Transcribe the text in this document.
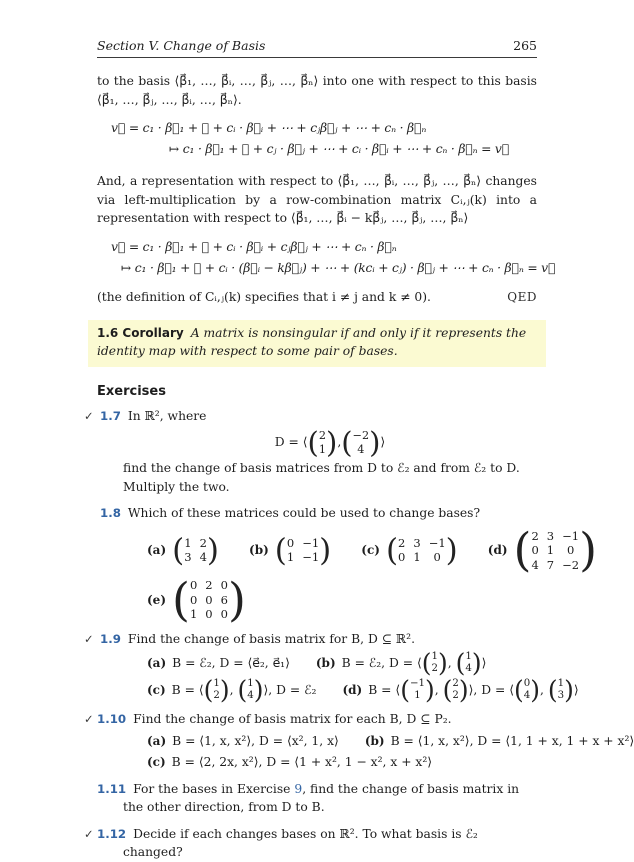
Section V. Change of Basis	265
to the basis ⟨β⃗₁, …, β⃗ᵢ, …, β⃗ⱼ, …, β⃗ₙ⟩ into one with respect to this basis ⟨β⃗₁, …, β⃗ⱼ, …, β⃗ᵢ, …, β⃗ₙ⟩.
v⃗ = c₁ · β⃗₁ + ⋯ + cᵢ · β⃗ᵢ + ⋯ + cⱼβ⃗ⱼ + ⋯ + cₙ · β⃗ₙ
↦ c₁ · β⃗₁ + ⋯ + cⱼ · β⃗ⱼ + ⋯ + cᵢ · β⃗ᵢ + ⋯ + cₙ · β⃗ₙ = v⃗
And, a representation with respect to ⟨β⃗₁, …, β⃗ᵢ, …, β⃗ⱼ, …, β⃗ₙ⟩ changes via left-multiplication by a row-combination matrix Cᵢ,ⱼ(k) into a representation with respect to ⟨β⃗₁, …, β⃗ᵢ − kβ⃗ⱼ, …, β⃗ⱼ, …, β⃗ₙ⟩
v⃗ = c₁ · β⃗₁ + ⋯ + cᵢ · β⃗ᵢ + cⱼβ⃗ⱼ + ⋯ + cₙ · β⃗ₙ
↦ c₁ · β⃗₁ + ⋯ + cᵢ · (β⃗ᵢ − kβ⃗ⱼ) + ⋯ + (kcᵢ + cⱼ) · β⃗ⱼ + ⋯ + cₙ · β⃗ₙ = v⃗
(the definition of Cᵢ,ⱼ(k) specifies that i ≠ j and k ≠ 0).	QED
1.6 Corollary A matrix is nonsingular if and only if it represents the identity map with respect to some pair of bases.
Exercises
✓ 1.7 In ℝ², where
D = ⟨ ( 2
1 ) , ( −2
4 ) ⟩
find the change of basis matrices from D to ℰ₂ and from ℰ₂ to D. Multiply the two.
1.8 Which of these matrices could be used to change bases?
(a) ( 1 2
3 4 )	(b) ( 0 −1
1 −1 )	(c) ( 2 3 −1
0 1	0 )	(d) ( 2 3 −1
0 1	0
4 7 −2 )
(e) ( 0 2 0
0 0 6
1 0 0 )
✓ 1.9 Find the change of basis matrix for B, D ⊆ ℝ².
(a) B = ℰ₂, D = ⟨e⃗₂, e⃗₁⟩ (b) B = ℰ₂, D = ⟨ ( 1
2 ) , ( 1
4 ) ⟩
(c) B = ⟨ ( 1
2 ) , ( 1
4 ) ⟩, D = ℰ₂ (d) B = ⟨ ( −1
1 ) , ( 2
2 ) ⟩, D = ⟨ ( 0
4 ) , ( 1
3 ) ⟩
✓ 1.10 Find the change of basis matrix for each B, D ⊆ P₂.
(a) B = ⟨1, x, x²⟩, D = ⟨x², 1, x⟩ (b) B = ⟨1, x, x²⟩, D = ⟨1, 1 + x, 1 + x + x²⟩
(c) B = ⟨2, 2x, x²⟩, D = ⟨1 + x², 1 − x², x + x²⟩
1.11 For the bases in Exercise 9, find the change of basis matrix in the other direction, from D to B.
✓ 1.12 Decide if each changes bases on ℝ². To what basis is ℰ₂ changed?
